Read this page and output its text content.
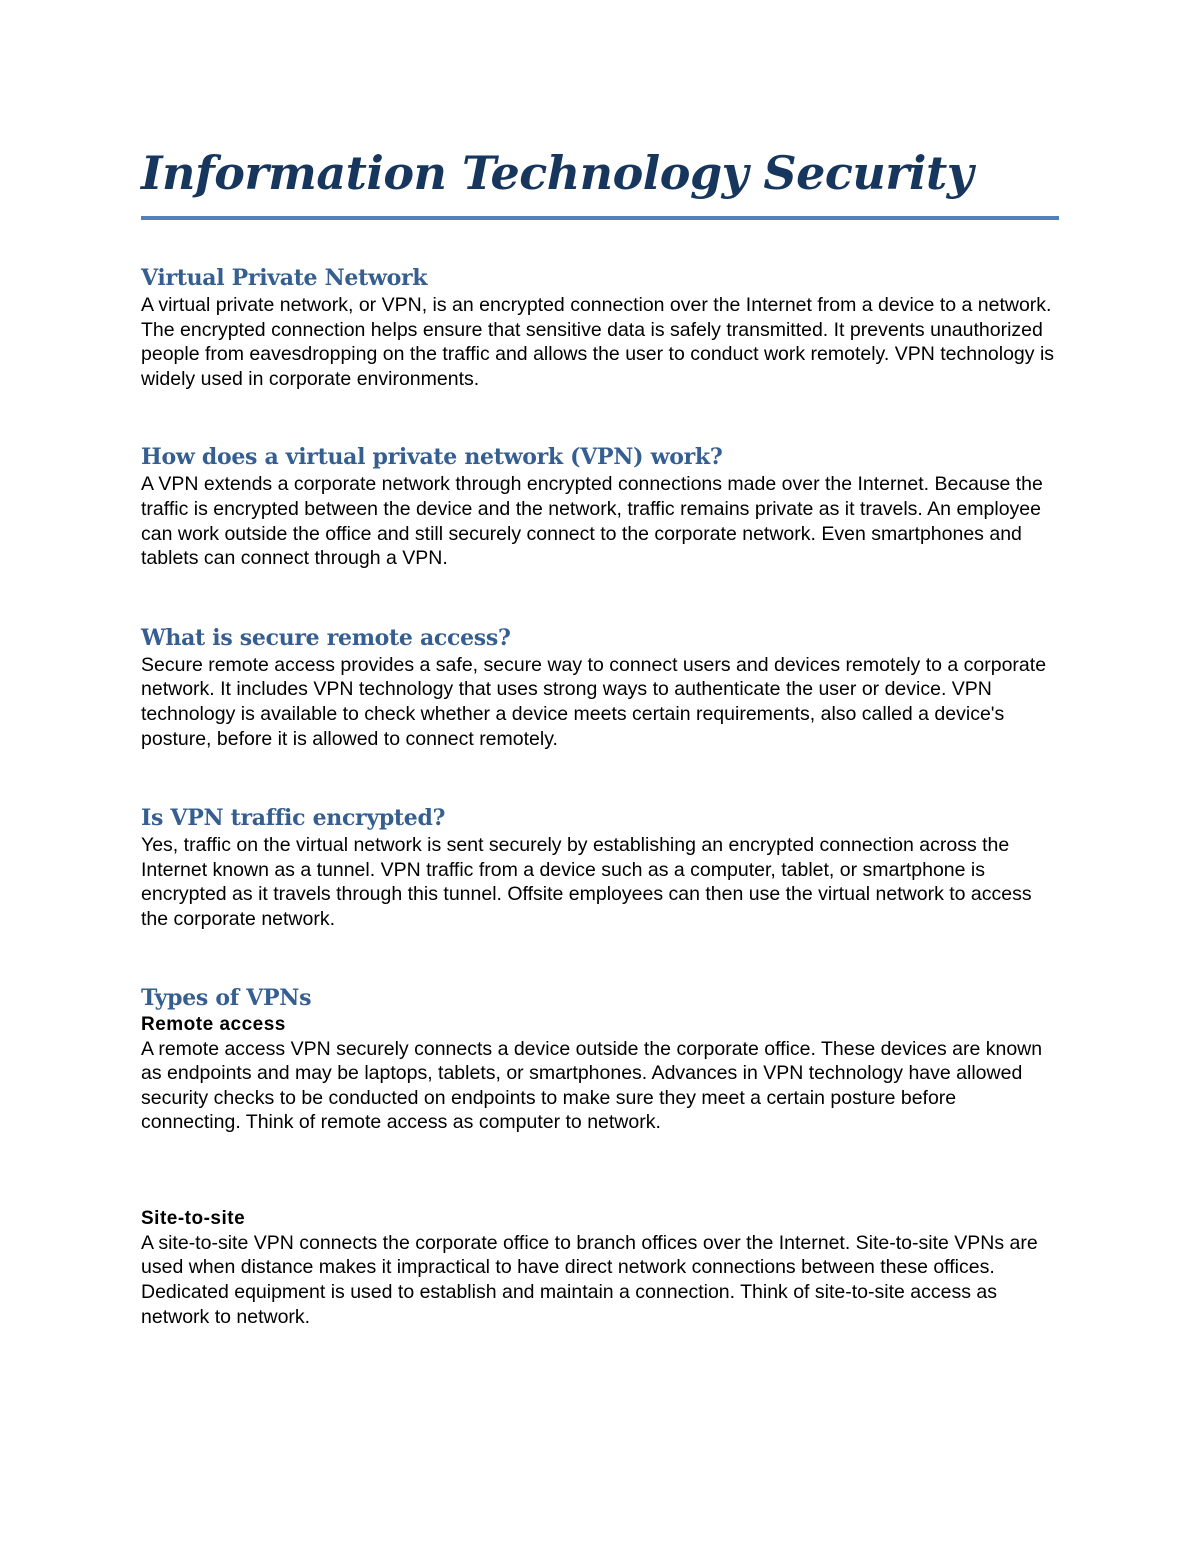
Information Technology Security
Virtual Private Network

A virtual private network, or VPN, is an encrypted connection over the Internet from a device to a network. The encrypted connection helps ensure that sensitive data is safely transmitted. It prevents unauthorized people from eavesdropping on the traffic and allows the user to conduct work remotely. VPN technology is widely used in corporate environments.

How does a virtual private network (VPN) work?

A VPN extends a corporate network through encrypted connections made over the Internet. Because the traffic is encrypted between the device and the network, traffic remains private as it travels. An employee can work outside the office and still securely connect to the corporate network. Even smartphones and tablets can connect through a VPN.

What is secure remote access?

Secure remote access provides a safe, secure way to connect users and devices remotely to a corporate network. It includes VPN technology that uses strong ways to authenticate the user or device. VPN technology is available to check whether a device meets certain requirements, also called a device's posture, before it is allowed to connect remotely.

Is VPN traffic encrypted?

Yes, traffic on the virtual network is sent securely by establishing an encrypted connection across the Internet known as a tunnel. VPN traffic from a device such as a computer, tablet, or smartphone is encrypted as it travels through this tunnel. Offsite employees can then use the virtual network to access the corporate network.

Types of VPNs
Remote access

A remote access VPN securely connects a device outside the corporate office. These devices are known as endpoints and may be laptops, tablets, or smartphones. Advances in VPN technology have allowed security checks to be conducted on endpoints to make sure they meet a certain posture before connecting. Think of remote access as computer to network.

Site-to-site

A site-to-site VPN connects the corporate office to branch offices over the Internet. Site-to-site VPNs are used when distance makes it impractical to have direct network connections between these offices. Dedicated equipment is used to establish and maintain a connection. Think of site-to-site access as network to network.
